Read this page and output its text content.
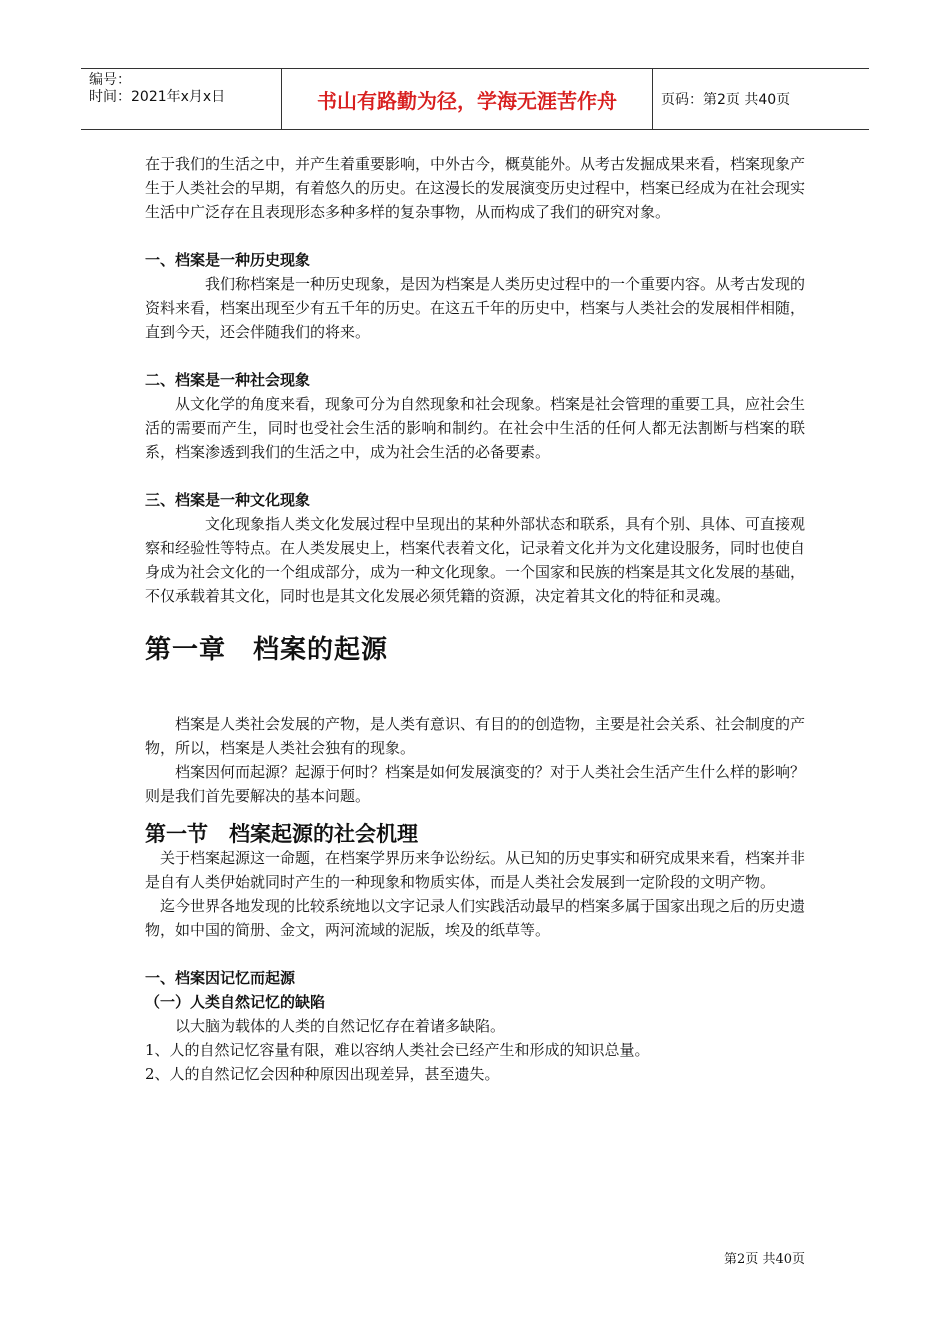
编号：
时间：2021年x月x日	书山有路勤为径，学海无涯苦作舟	页码：第2页 共40页

在于我们的生活之中，并产生着重要影响，中外古今，概莫能外。从考古发掘成果来看，档案现象产生于人类社会的早期，有着悠久的历史。在这漫长的发展演变历史过程中，档案已经成为在社会现实生活中广泛存在且表现形态多种多样的复杂事物，从而构成了我们的研究对象。

一、档案是一种历史现象

我们称档案是一种历史现象，是因为档案是人类历史过程中的一个重要内容。从考古发现的资料来看，档案出现至少有五千年的历史。在这五千年的历史中，档案与人类社会的发展相伴相随，直到今天，还会伴随我们的将来。

二、档案是一种社会现象

从文化学的角度来看，现象可分为自然现象和社会现象。档案是社会管理的重要工具，应社会生活的需要而产生，同时也受社会生活的影响和制约。在社会中生活的任何人都无法割断与档案的联系，档案渗透到我们的生活之中，成为社会生活的必备要素。

三、档案是一种文化现象

文化现象指人类文化发展过程中呈现出的某种外部状态和联系，具有个别、具体、可直接观察和经验性等特点。在人类发展史上，档案代表着文化，记录着文化并为文化建设服务，同时也使自身成为社会文化的一个组成部分，成为一种文化现象。一个国家和民族的档案是其文化发展的基础，不仅承载着其文化，同时也是其文化发展必须凭籍的资源，决定着其文化的特征和灵魂。

第一章　档案的起源

档案是人类社会发展的产物，是人类有意识、有目的的创造物，主要是社会关系、社会制度的产物，所以，档案是人类社会独有的现象。

档案因何而起源？起源于何时？档案是如何发展演变的？对于人类社会生活产生什么样的影响？则是我们首先要解决的基本问题。

第一节　档案起源的社会机理

关于档案起源这一命题，在档案学界历来争讼纷纭。从已知的历史事实和研究成果来看，档案并非是自有人类伊始就同时产生的一种现象和物质实体，而是人类社会发展到一定阶段的文明产物。

迄今世界各地发现的比较系统地以文字记录人们实践活动最早的档案多属于国家出现之后的历史遗物，如中国的简册、金文，两河流域的泥版，埃及的纸草等。

一、档案因记忆而起源

（一）人类自然记忆的缺陷

以大脑为载体的人类的自然记忆存在着诸多缺陷。

1、人的自然记忆容量有限，难以容纳人类社会已经产生和形成的知识总量。

2、人的自然记忆会因种种原因出现差异，甚至遗失。

第2页 共40页
